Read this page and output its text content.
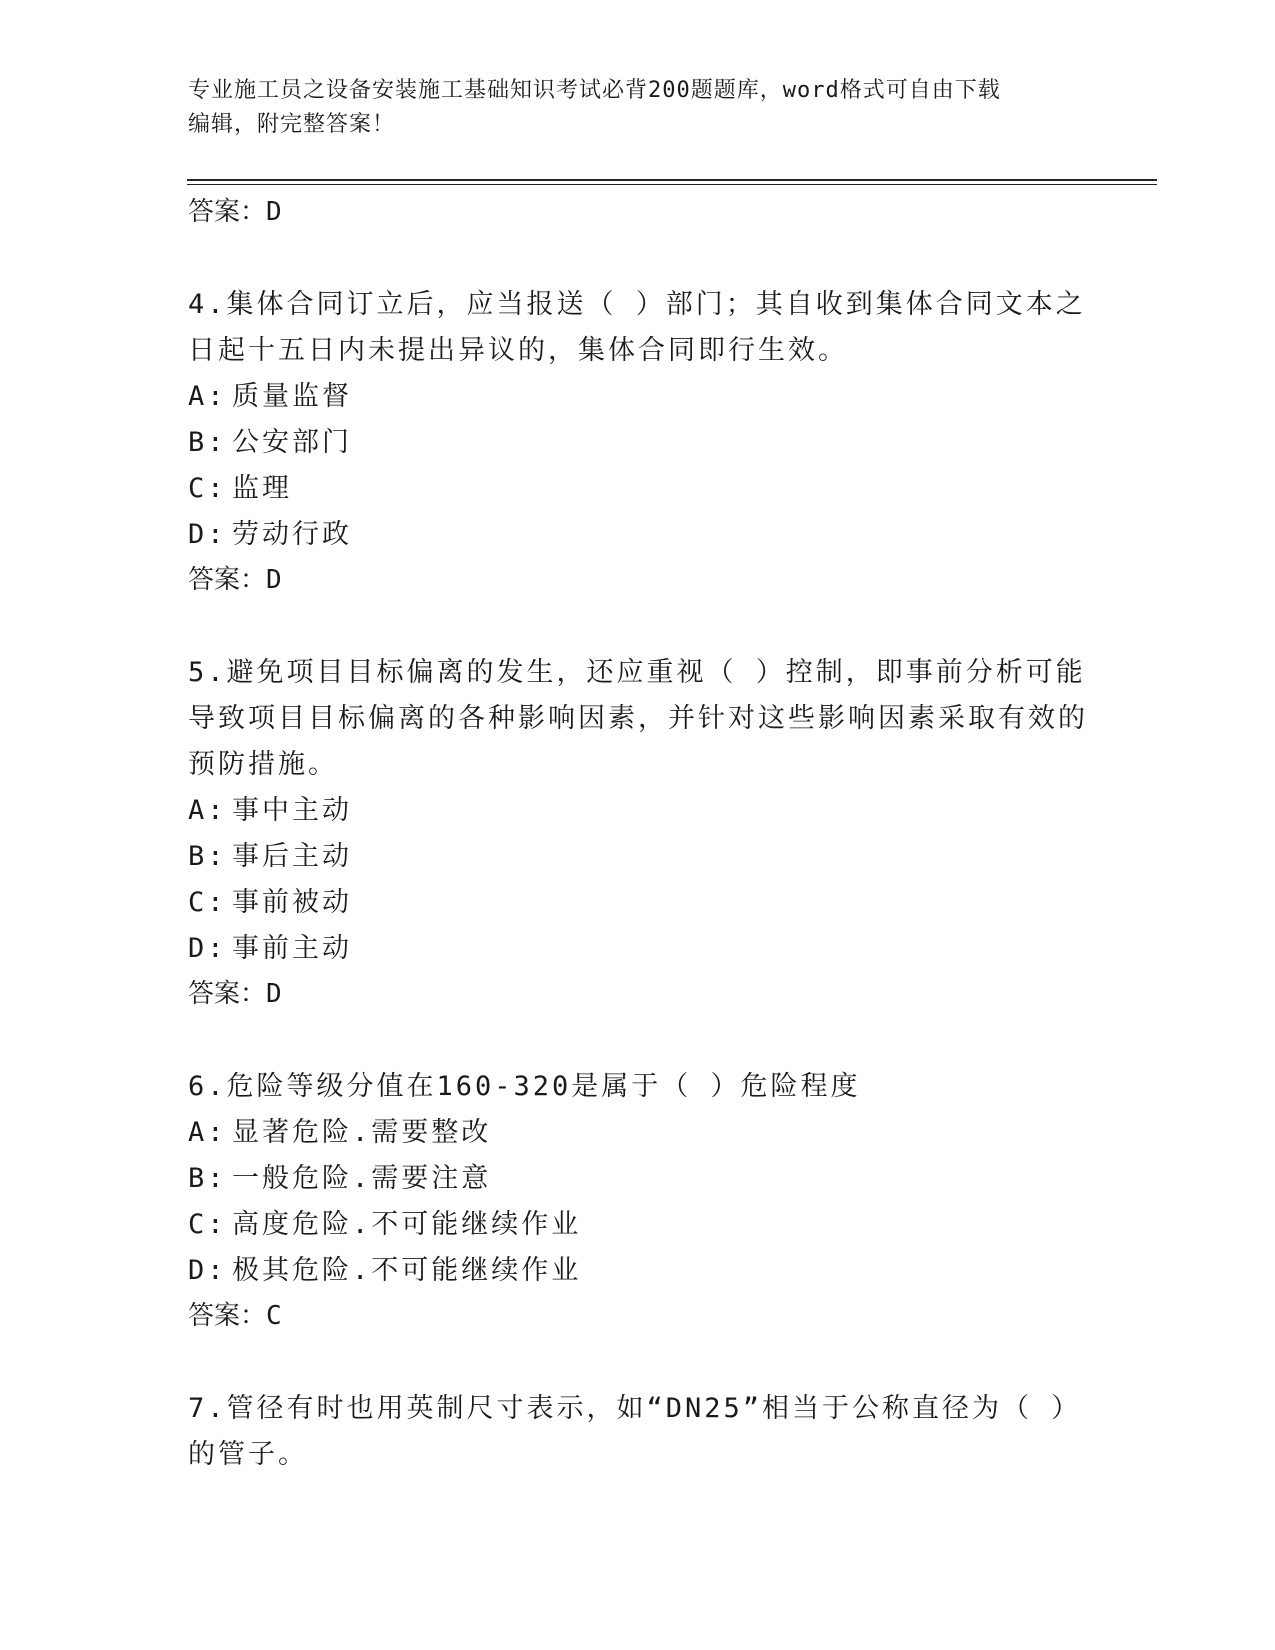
专业施工员之设备安装施工基础知识考试必背200题题库，word格式可自由下载
编辑，附完整答案！
答案：D
4.集体合同订立后，应当报送（ ）部门；其自收到集体合同文本之日起十五日内未提出异议的，集体合同即行生效。
A: 质量监督
B: 公安部门
C: 监理
D: 劳动行政
答案：D
5.避免项目目标偏离的发生，还应重视（ ）控制，即事前分析可能导致项目目标偏离的各种影响因素，并针对这些影响因素采取有效的预防措施。
A: 事中主动
B: 事后主动
C: 事前被动
D: 事前主动
答案：D
6.危险等级分值在160-320是属于（ ）危险程度
A: 显著危险.需要整改
B: 一般危险.需要注意
C: 高度危险.不可能继续作业
D: 极其危险.不可能继续作业
答案：C
7.管径有时也用英制尺寸表示，如“DN25”相当于公称直径为（ ）的管子。
